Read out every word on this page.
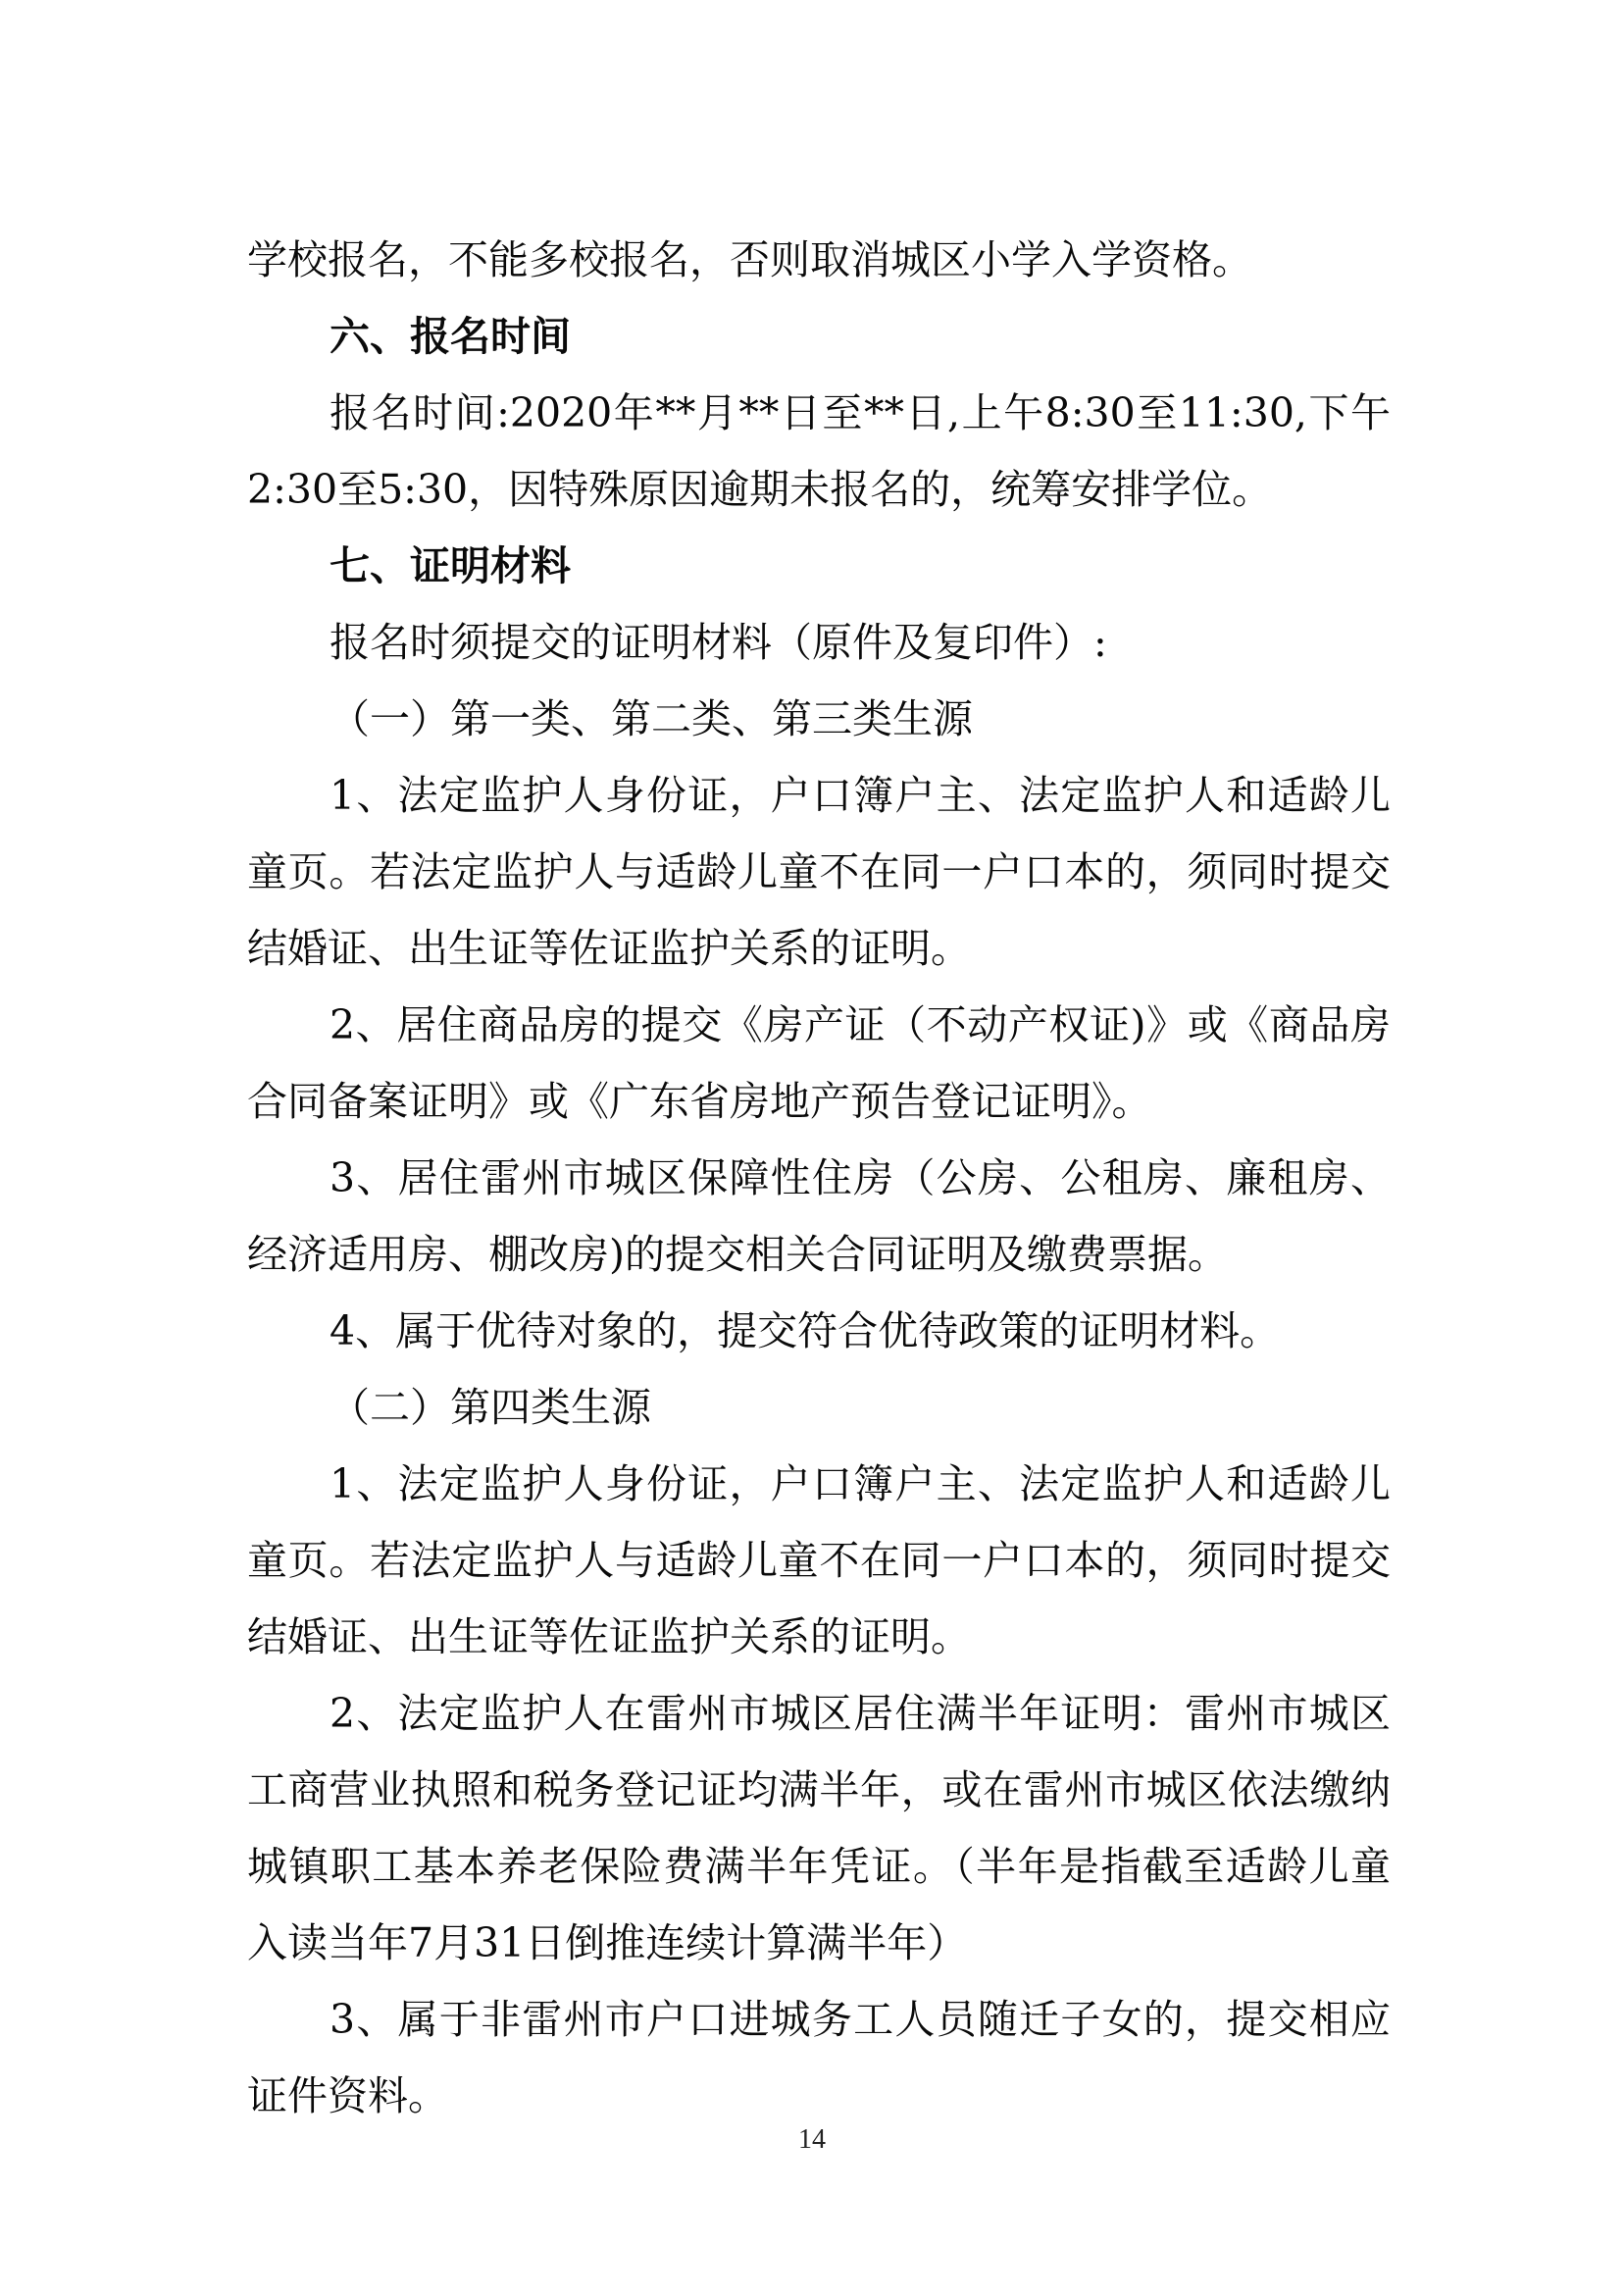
学校报名，不能多校报名，否则取消城区小学入学资格。

六、报名时间

报名时间:2020年**月**日至**日,上午8:30至11:30,下午2:30至5:30，因特殊原因逾期未报名的，统筹安排学位。

七、证明材料

报名时须提交的证明材料（原件及复印件）:

（一）第一类、第二类、第三类生源

1、法定监护人身份证，户口簿户主、法定监护人和适龄儿童页。若法定监护人与适龄儿童不在同一户口本的，须同时提交结婚证、出生证等佐证监护关系的证明。

2、居住商品房的提交《房产证（不动产权证)》或《商品房合同备案证明》或《广东省房地产预告登记证明》。

3、居住雷州市城区保障性住房（公房、公租房、廉租房、经济适用房、棚改房)的提交相关合同证明及缴费票据。

4、属于优待对象的，提交符合优待政策的证明材料。

（二）第四类生源

1、法定监护人身份证，户口簿户主、法定监护人和适龄儿童页。若法定监护人与适龄儿童不在同一户口本的，须同时提交结婚证、出生证等佐证监护关系的证明。

2、法定监护人在雷州市城区居住满半年证明：雷州市城区工商营业执照和税务登记证均满半年，或在雷州市城区依法缴纳城镇职工基本养老保险费满半年凭证。（半年是指截至适龄儿童入读当年7月31日倒推连续计算满半年）

3、属于非雷州市户口进城务工人员随迁子女的，提交相应证件资料。

14
